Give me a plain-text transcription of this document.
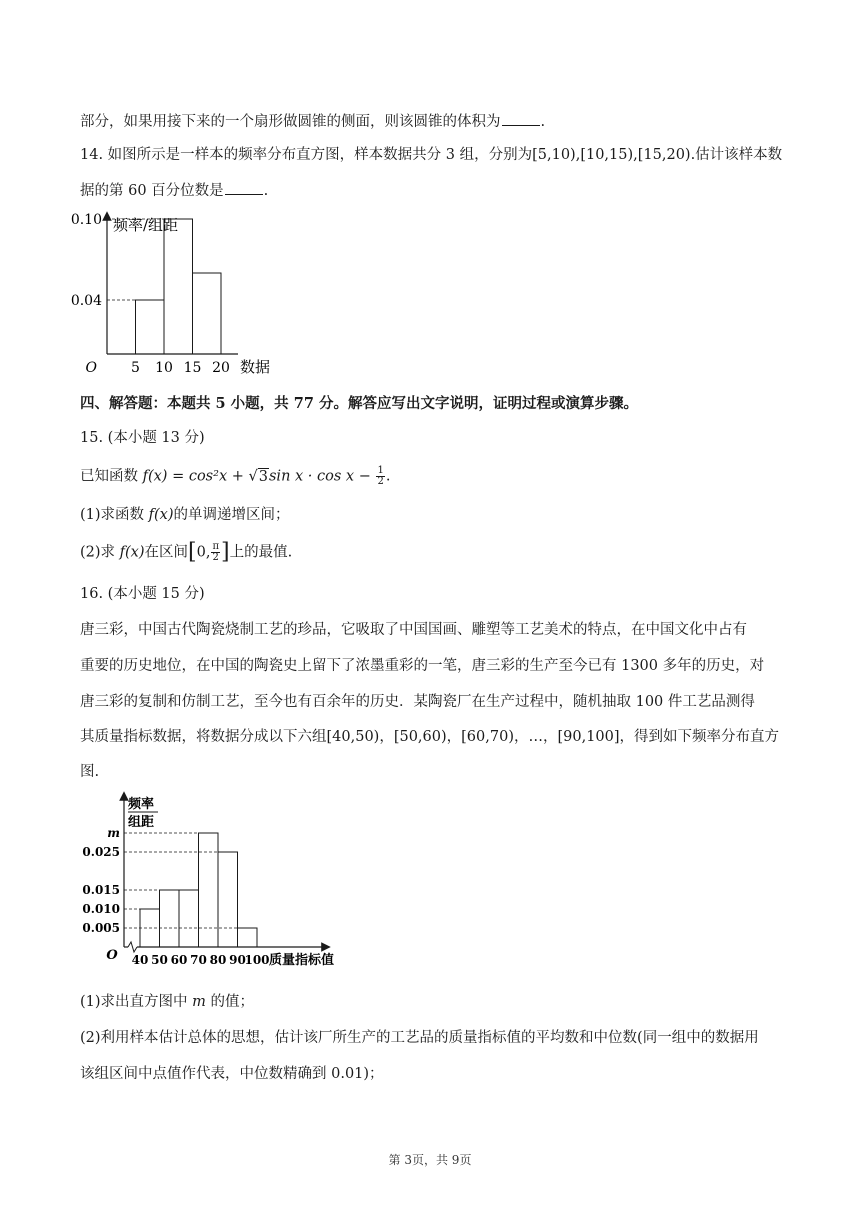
部分，如果用接下来的一个扇形做圆锥的侧面，则该圆锥的体积为	.
14. 如图所示是一样本的频率分布直方图，样本数据共分 3 组，分别为[5,10),[10,15),[15,20).估计该样本数
据的第 60 百分位数是	.
0.04
0.10
5 10 15 20
O
频率/组距
数据
四、解答题：本题共 5 小题，共 77 分。解答应写出文字说明，证明过程或演算步骤。
15. (本小题 13 分)
已知函数 f(x) = cos²x + √3sin $x \cdot \cos x - \frac{1}{2}$ .
(1)求函数 f(x)的单调递增区间；
(2)求 f(x)在区间[0, $\frac{\pi}{2}$ ]上的最值.
16. (本小题 15 分)
唐三彩，中国古代陶瓷烧制工艺的珍品，它吸取了中国国画、雕塑等工艺美术的特点，在中国文化中占有
重要的历史地位，在中国的陶瓷史上留下了浓墨重彩的一笔，唐三彩的生产至今已有 1300 多年的历史，对
唐三彩的复制和仿制工艺，至今也有百余年的历史．某陶瓷厂在生产过程中，随机抽取 100 件工艺品测得
其质量指标数据，将数据分成以下六组[40,50)，[50,60)，[60,70)，…，[90,100]，得到如下频率分布直方
图.
0.005
0.010
0.015
0.025
m
40 50 60 70 80 90
100
O
频率
组距
质量指标值
(1)求出直方图中 m 的值；
(2)利用样本估计总体的思想，估计该厂所生产的工艺品的质量指标值的平均数和中位数(同一组中的数据用
该组区间中点值作代表，中位数精确到 0.01)；
第 3页，共 9页
